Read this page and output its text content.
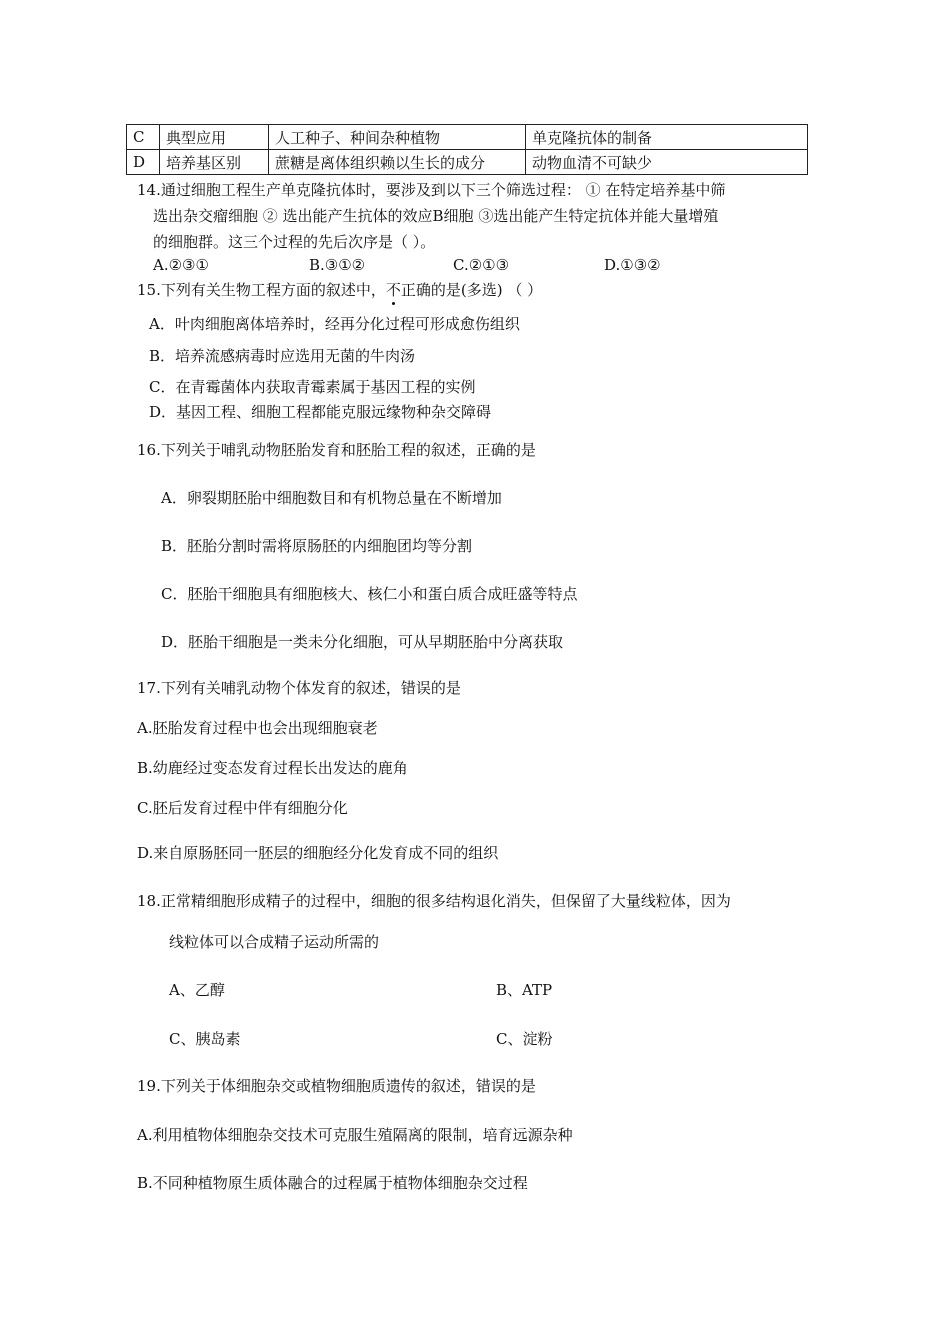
C	典型应用	人工种子、种间杂种植物	单克隆抗体的制备
D	培养基区别	蔗糖是离体组织赖以生长的成分	动物血清不可缺少
14.通过细胞工程生产单克隆抗体时，要涉及到以下三个筛选过程： ① 在特定培养基中筛
选出杂交瘤细胞 ② 选出能产生抗体的效应B细胞 ③选出能产生特定抗体并能大量增殖
的细胞群。这三个过程的先后次序是（ ）。
A.②③①	B.③①②	C.②①③	D.①③②
15.下列有关生物工程方面的叙述中，不正确的是(多选) （ ）
A．叶肉细胞离体培养时，经再分化过程可形成愈伤组织
B．培养流感病毒时应选用无菌的牛肉汤
C．在青霉菌体内获取青霉素属于基因工程的实例
D．基因工程、细胞工程都能克服远缘物种杂交障碍
16.下列关于哺乳动物胚胎发育和胚胎工程的叙述，正确的是
A．卵裂期胚胎中细胞数目和有机物总量在不断增加
B．胚胎分割时需将原肠胚的内细胞团均等分割
C．胚胎干细胞具有细胞核大、核仁小和蛋白质合成旺盛等特点
D．胚胎干细胞是一类未分化细胞，可从早期胚胎中分离获取
17.下列有关哺乳动物个体发育的叙述，错误的是
A.胚胎发育过程中也会出现细胞衰老
B.幼鹿经过变态发育过程长出发达的鹿角
C.胚后发育过程中伴有细胞分化
D.来自原肠胚同一胚层的细胞经分化发育成不同的组织
18.正常精细胞形成精子的过程中，细胞的很多结构退化消失，但保留了大量线粒体，因为
线粒体可以合成精子运动所需的
A、乙醇	B、ATP
C、胰岛素	C、淀粉
19.下列关于体细胞杂交或植物细胞质遗传的叙述，错误的是
A.利用植物体细胞杂交技术可克服生殖隔离的限制，培育远源杂种
B.不同种植物原生质体融合的过程属于植物体细胞杂交过程
